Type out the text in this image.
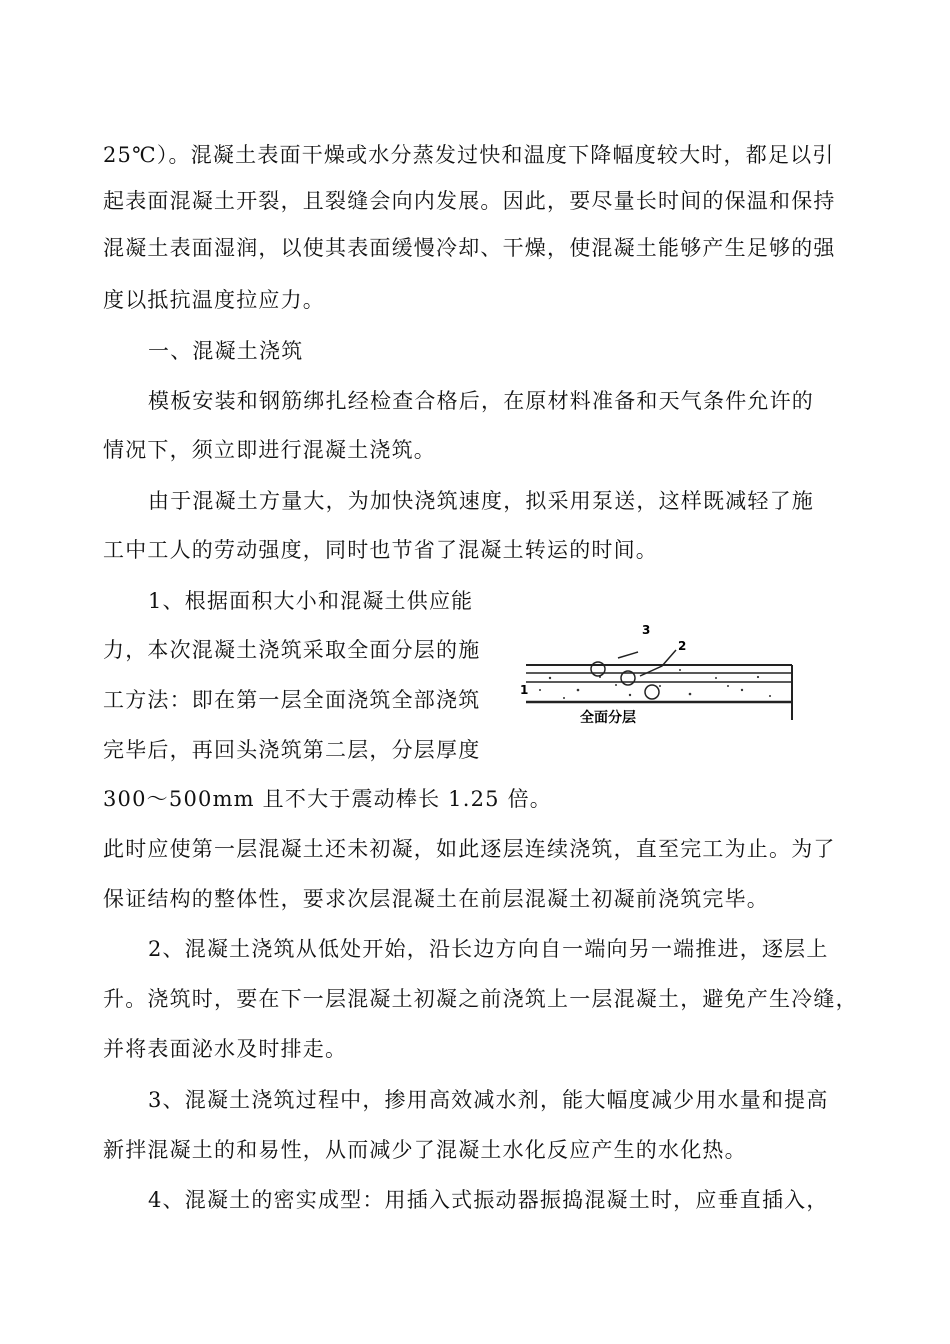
25℃）。混凝土表面干燥或水分蒸发过快和温度下降幅度较大时，都足以引

起表面混凝土开裂，且裂缝会向内发展。因此，要尽量长时间的保温和保持

混凝土表面湿润，以使其表面缓慢冷却、干燥，使混凝土能够产生足够的强

度以抵抗温度拉应力。

一、混凝土浇筑

模板安装和钢筋绑扎经检查合格后，在原材料准备和天气条件允许的

情况下，须立即进行混凝土浇筑。

由于混凝土方量大，为加快浇筑速度，拟采用泵送，这样既减轻了施

工中工人的劳动强度，同时也节省了混凝土转运的时间。

1、根据面积大小和混凝土供应能

力，本次混凝土浇筑采取全面分层的施

工方法：即在第一层全面浇筑全部浇筑

完毕后，再回头浇筑第二层，分层厚度

300～500mm 且不大于震动棒长 1.25 倍。

此时应使第一层混凝土还未初凝，如此逐层连续浇筑，直至完工为止。为了

保证结构的整体性，要求次层混凝土在前层混凝土初凝前浇筑完毕。

2、混凝土浇筑从低处开始，沿长边方向自一端向另一端推进，逐层上

升。浇筑时，要在下一层混凝土初凝之前浇筑上一层混凝土，避免产生冷缝，

并将表面泌水及时排走。

3、混凝土浇筑过程中，掺用高效减水剂，能大幅度减少用水量和提高

新拌混凝土的和易性，从而减少了混凝土水化反应产生的水化热。

4、混凝土的密实成型：用插入式振动器振捣混凝土时，应垂直插入，

3
2
1
全面分层
